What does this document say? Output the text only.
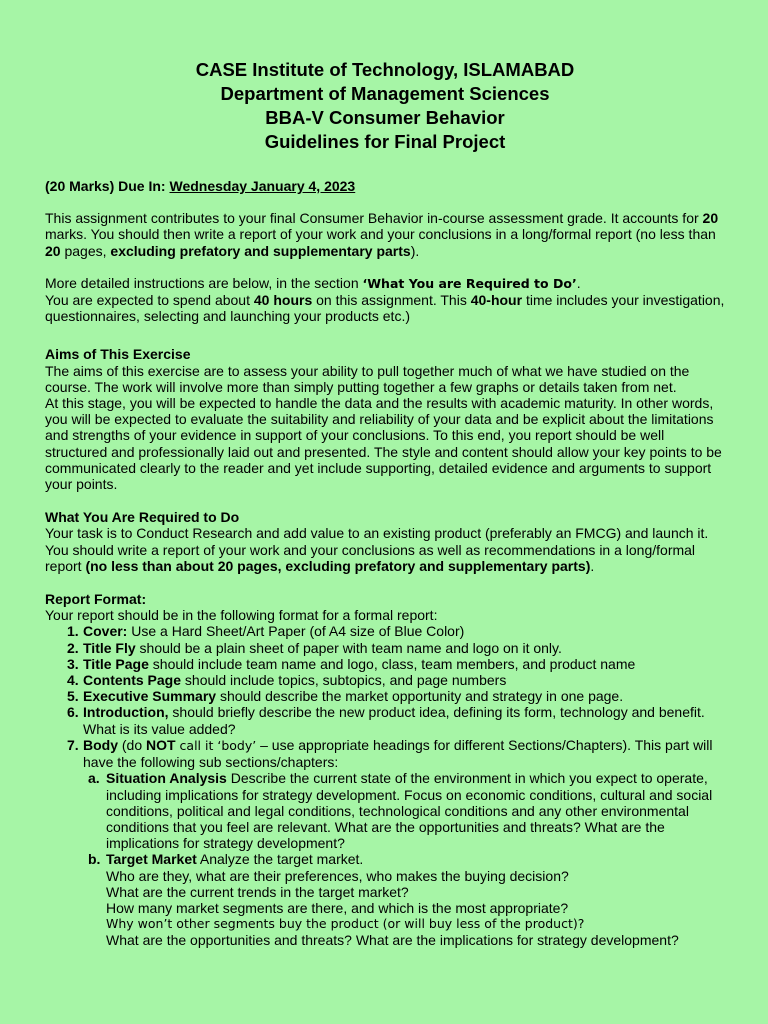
CASE Institute of Technology, ISLAMABAD
Department of Management Sciences
BBA-V Consumer Behavior
Guidelines for Final Project

(20 Marks) Due In: Wednesday January 4, 2023

This assignment contributes to your final Consumer Behavior in-course assessment grade. It accounts for 20 marks. You should then write a report of your work and your conclusions in a long/formal report (no less than 20 pages, excluding prefatory and supplementary parts).

More detailed instructions are below, in the section ‘What You are Required to Do’.

You are expected to spend about 40 hours on this assignment. This 40-hour time includes your investigation, questionnaires, selecting and launching your products etc.)

Aims of This Exercise

The aims of this exercise are to assess your ability to pull together much of what we have studied on the course. The work will involve more than simply putting together a few graphs or details taken from net.

At this stage, you will be expected to handle the data and the results with academic maturity. In other words, you will be expected to evaluate the suitability and reliability of your data and be explicit about the limitations and strengths of your evidence in support of your conclusions. To this end, you report should be well structured and professionally laid out and presented. The style and content should allow your key points to be communicated clearly to the reader and yet include supporting, detailed evidence and arguments to support your points.

What You Are Required to Do

Your task is to Conduct Research and add value to an existing product (preferably an FMCG) and launch it. You should write a report of your work and your conclusions as well as recommendations in a long/formal report (no less than about 20 pages, excluding prefatory and supplementary parts).

Report Format:

Your report should be in the following format for a formal report:

1. Cover: Use a Hard Sheet/Art Paper (of A4 size of Blue Color)
2. Title Fly should be a plain sheet of paper with team name and logo on it only.
3. Title Page should include team name and logo, class, team members, and product name
4. Contents Page should include topics, subtopics, and page numbers
5. Executive Summary should describe the market opportunity and strategy in one page.
6. Introduction, should briefly describe the new product idea, defining its form, technology and benefit. What is its value added?
7. Body (do NOT call it ‘body’ – use appropriate headings for different Sections/Chapters). This part will have the following sub sections/chapters:
a. Situation Analysis Describe the current state of the environment in which you expect to operate, including implications for strategy development. Focus on economic conditions, cultural and social conditions, political and legal conditions, technological conditions and any other environmental conditions that you feel are relevant. What are the opportunities and threats? What are the implications for strategy development?
b. Target Market Analyze the target market.
Who are they, what are their preferences, who makes the buying decision?
What are the current trends in the target market?
How many market segments are there, and which is the most appropriate?
Why won’t other segments buy the product (or will buy less of the product)?
What are the opportunities and threats? What are the implications for strategy development?
